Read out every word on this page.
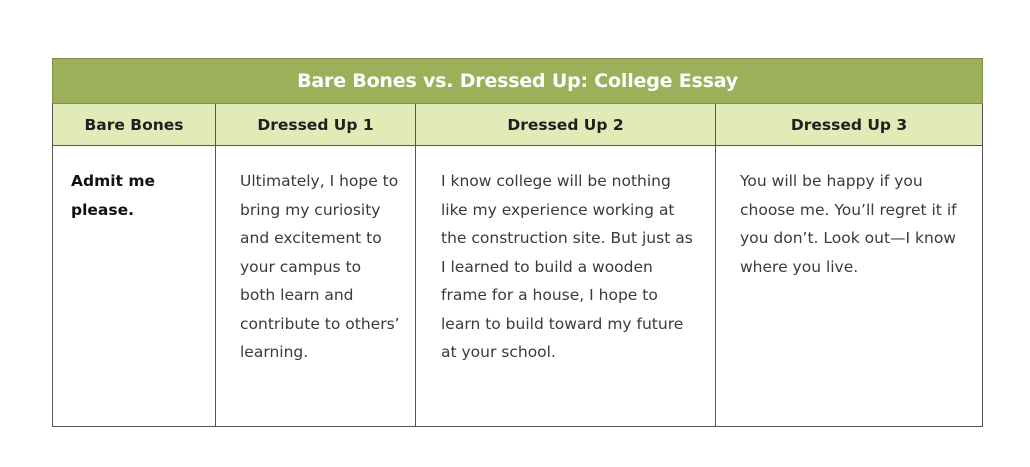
Bare Bones vs. Dressed Up: College Essay			
Bare Bones	Dressed Up 1	Dressed Up 2	Dressed Up 3
Admit me please.	Ultimately, I hope to bring my curiosity and excitement to your campus to both learn and contribute to others’ learning.	I know college will be nothing like my experience working at the construction site. But just as I learned to build a wooden frame for a house, I hope to learn to build toward my future at your school.	You will be happy if you choose me. You’ll regret it if you don’t. Look out—I know where you live.
